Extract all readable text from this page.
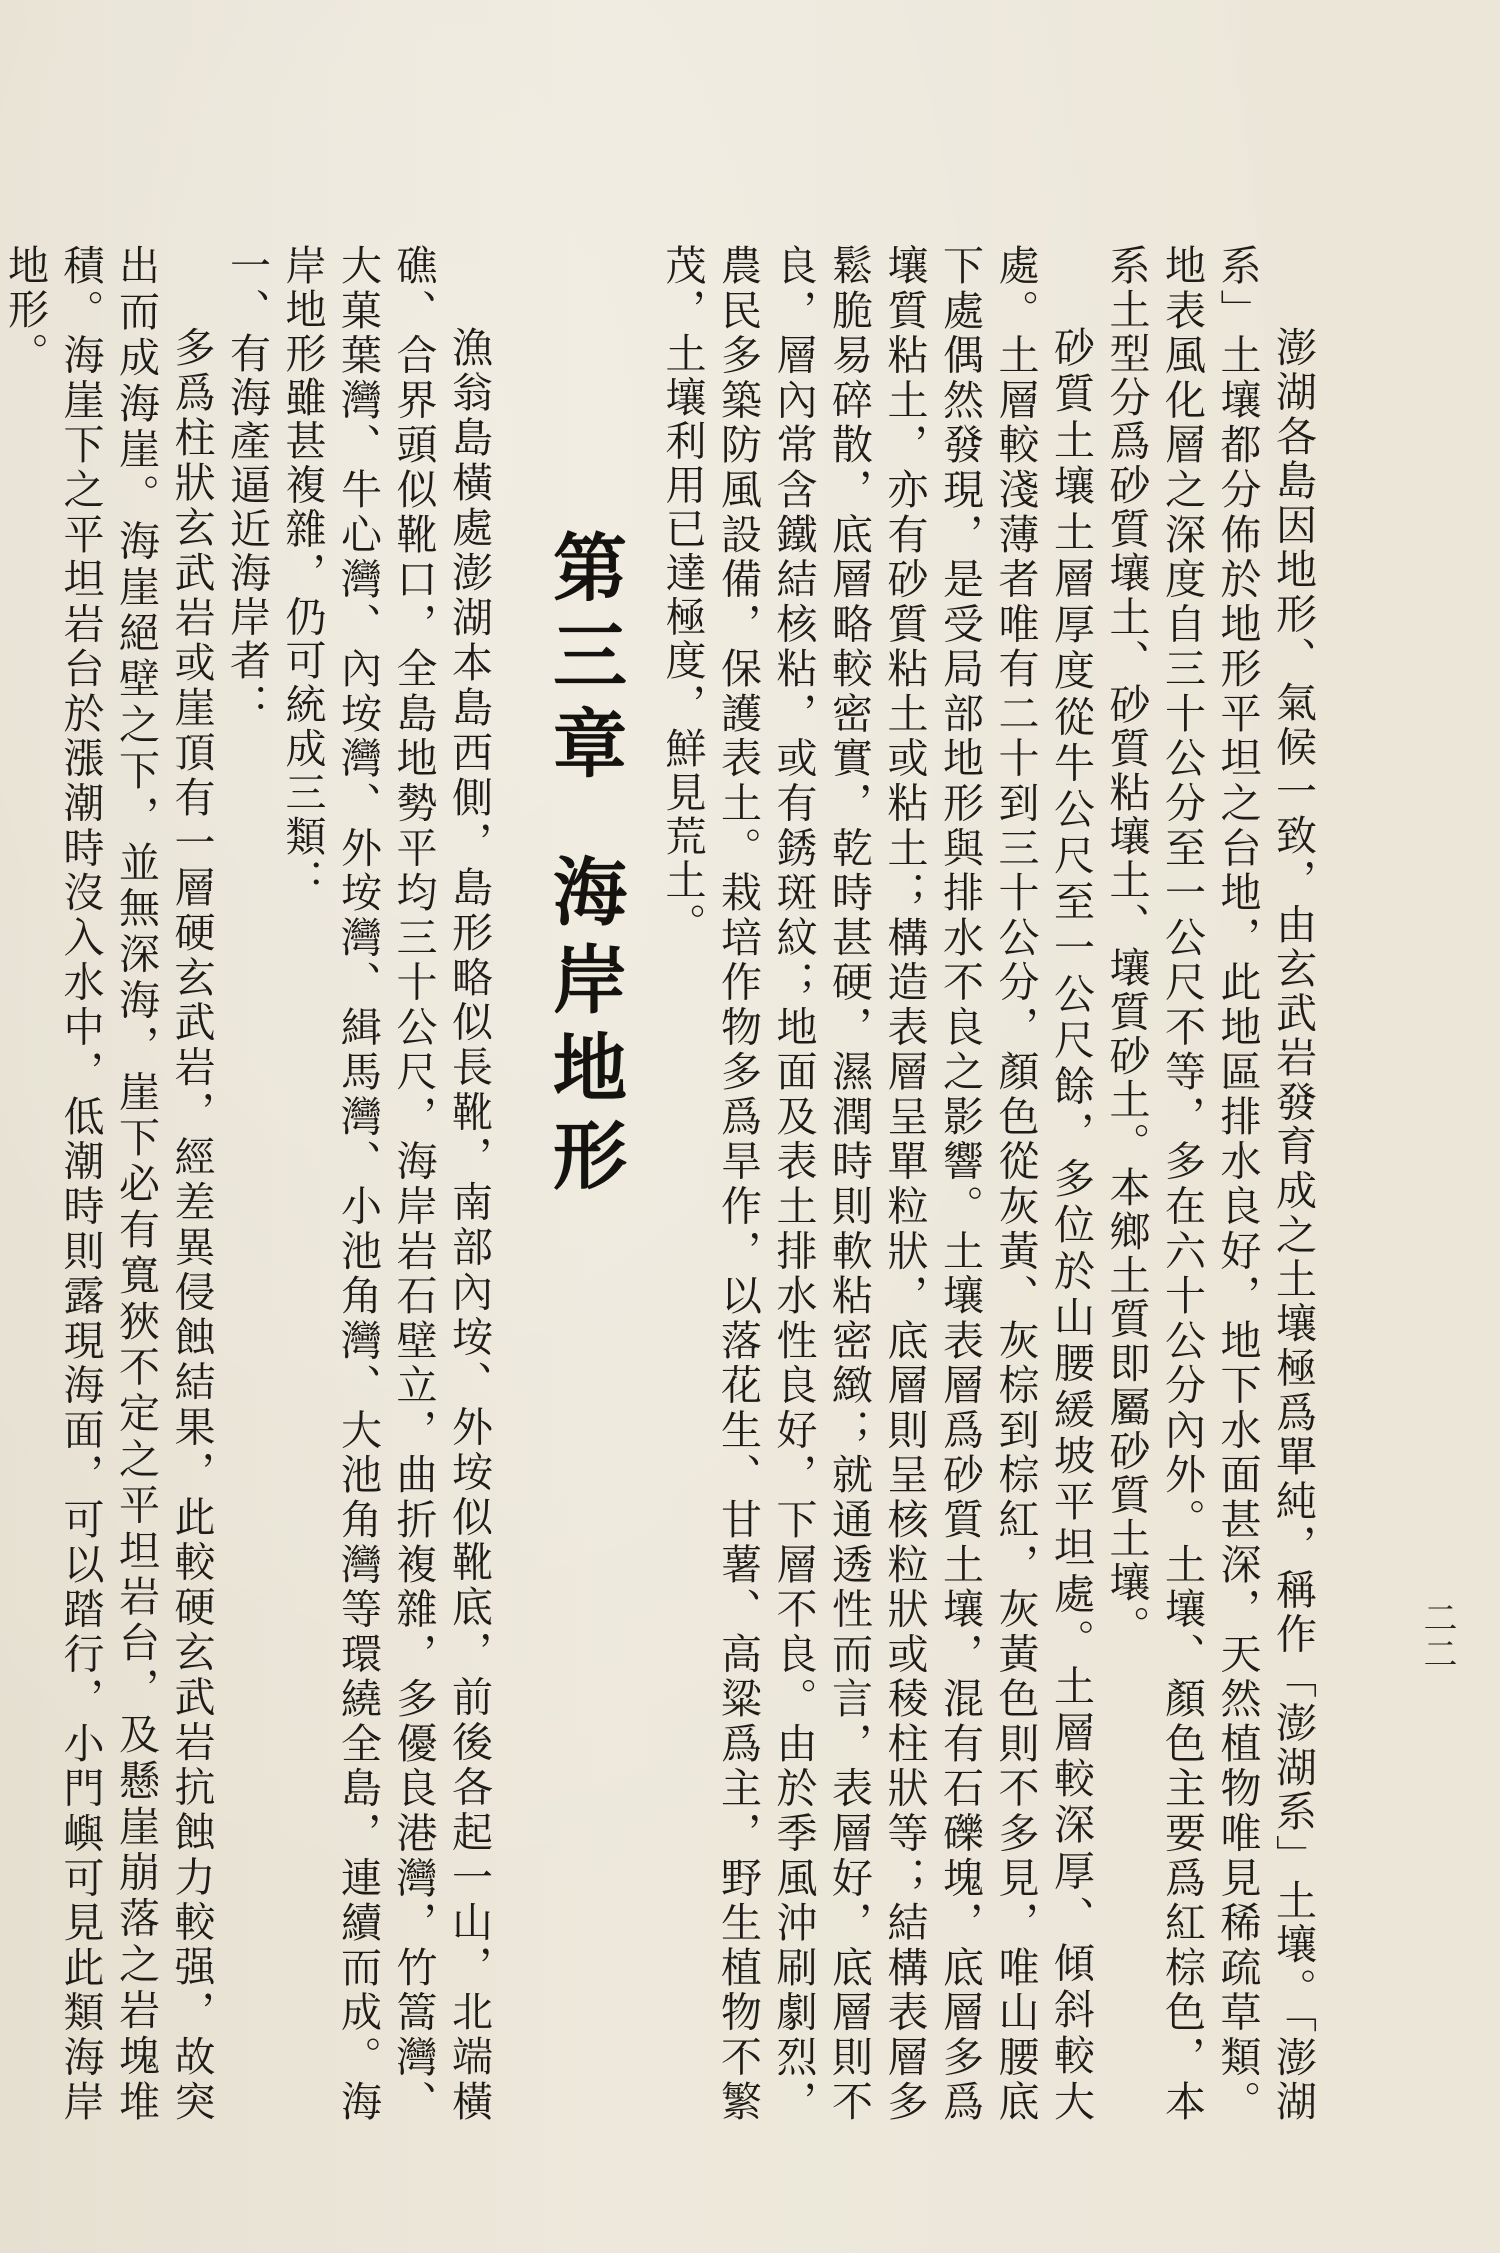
二二

澎湖各島因地形、氣候一致，由玄武岩發育成之土壤極爲單純，稱作「澎湖系」土壤。「澎湖系」土壤都分佈於地形平坦之台地，此地區排水良好，地下水面甚深，天然植物唯見稀疏草類。地表風化層之深度自三十公分至一公尺不等，多在六十公分內外。土壤、顏色主要爲紅棕色，本系土型分爲砂質壤土、砂質粘壤土、壤質砂土。本鄉土質即屬砂質土壤。

砂質土壤土層厚度從牛公尺至一公尺餘，多位於山腰緩坡平坦處。土層較深厚、傾斜較大處。土層較淺薄者唯有二十到三十公分，顏色從灰黃、灰棕到棕紅，灰黃色則不多見，唯山腰底下處偶然發現，是受局部地形與排水不良之影響。土壤表層爲砂質土壤，混有石礫塊，底層多爲壤質粘土，亦有砂質粘土或粘土；構造表層呈單粒狀，底層則呈核粒狀或稜柱狀等；結構表層多鬆脆易碎散，底層略較密實，乾時甚硬，濕潤時則軟粘密緻；就通透性而言，表層好，底層則不良，層內常含鐵結核粘，或有銹斑紋；地面及表土排水性良好，下層不良。由於季風沖刷劇烈，農民多築防風設備，保護表土。栽培作物多爲旱作，以落花生、甘薯、高粱爲主，野生植物不繁茂，土壤利用已達極度，鮮見荒土。

第三章海岸地形

漁翁島橫處澎湖本島西側，島形略似長靴，南部內垵、外垵似靴底，前後各起一山，北端橫礁、合界頭似靴口，全島地勢平均三十公尺，海岸岩石壁立，曲折複雜，多優良港灣，竹篙灣、大菓葉灣、牛心灣、內垵灣、外垵灣、緝馬灣、小池角灣、大池角灣等環繞全島，連續而成。海岸地形雖甚複雜，仍可統成三類：

一、有海產逼近海岸者：

多爲柱狀玄武岩或崖頂有一層硬玄武岩，經差異侵蝕結果，此較硬玄武岩抗蝕力較强，故突出而成海崖。海崖絕壁之下，並無深海，崖下必有寬狹不定之平坦岩台，及懸崖崩落之岩塊堆積。海崖下之平坦岩台於漲潮時沒入水中，低潮時則露現海面，可以踏行，小門嶼可見此類海岸地形。
